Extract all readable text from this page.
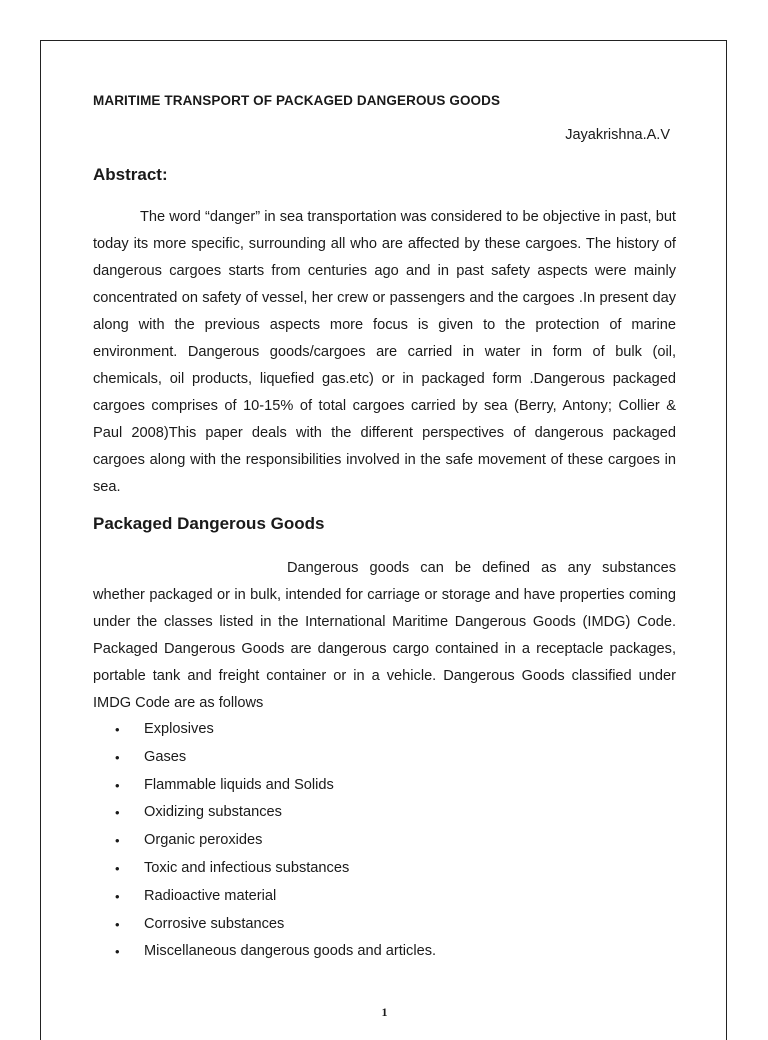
MARITIME TRANSPORT OF PACKAGED DANGEROUS GOODS

Jayakrishna.A.V

Abstract:

The word “danger” in sea transportation was considered to be objective in past, but today its more specific, surrounding all who are affected by these cargoes. The history of dangerous cargoes starts from centuries ago and in past safety aspects were mainly concentrated on safety of vessel, her crew or passengers and the cargoes .In present day along with the previous aspects more focus is given to the protection of marine environment. Dangerous goods/cargoes are carried in water in form of bulk (oil, chemicals, oil products, liquefied gas.etc) or in packaged form .Dangerous packaged cargoes comprises of 10-15% of total cargoes carried by sea (Berry, Antony; Collier & Paul 2008)This paper deals with the different perspectives of dangerous packaged cargoes along with the responsibilities involved in the safe movement of these cargoes in sea.

Packaged Dangerous Goods

Dangerous goods can be defined as any substances whether packaged or in bulk, intended for carriage or storage and have properties coming under the classes listed in the International Maritime Dangerous Goods (IMDG) Code. Packaged Dangerous Goods are dangerous cargo contained in a receptacle packages, portable tank and freight container or in a vehicle. Dangerous Goods classified under IMDG Code are as follows

• Explosives
• Gases
• Flammable liquids and Solids
• Oxidizing substances
• Organic peroxides
• Toxic and infectious substances
• Radioactive material
• Corrosive substances
• Miscellaneous dangerous goods and articles.

1
